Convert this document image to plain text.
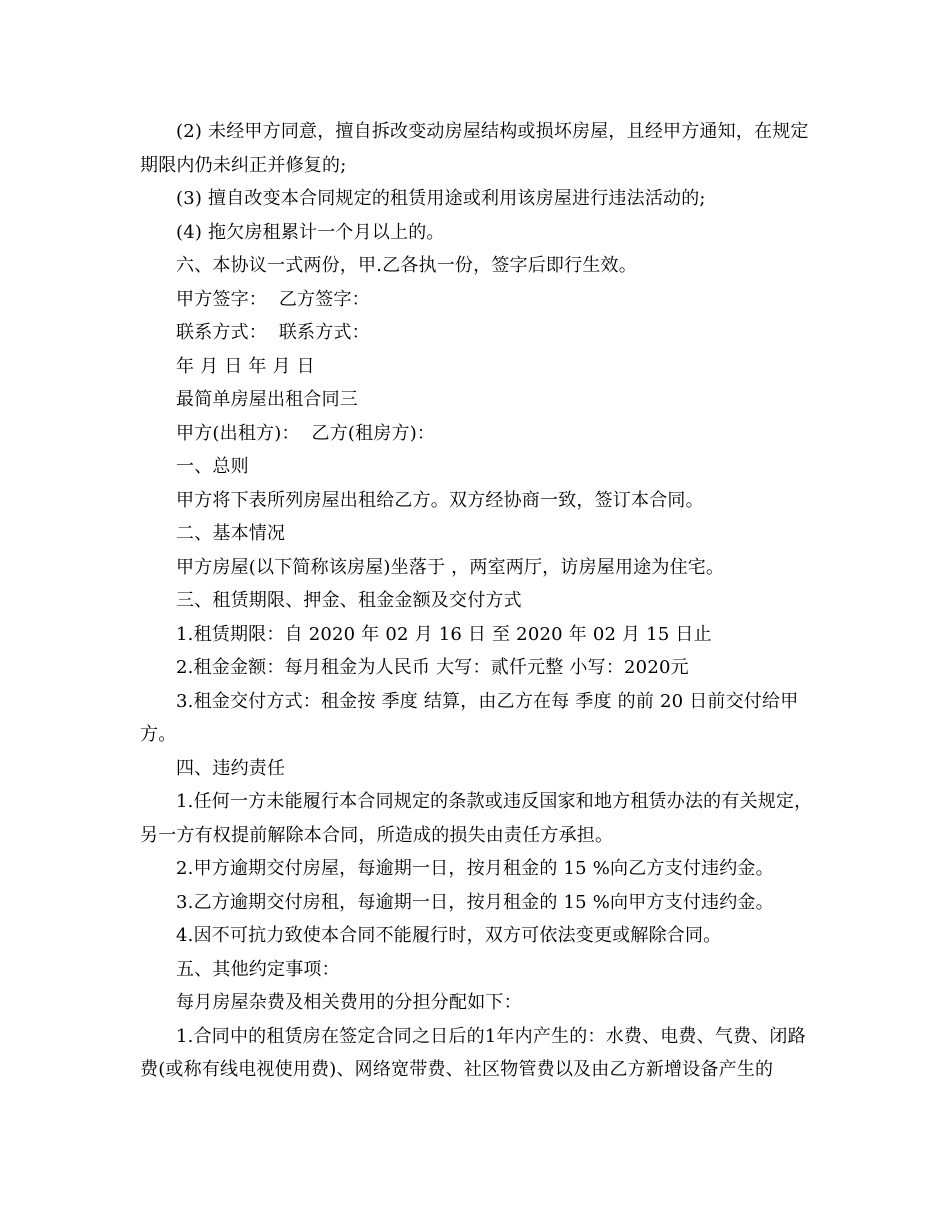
(2) 未经甲方同意，擅自拆改变动房屋结构或损坏房屋，且经甲方通知，在规定期限内仍未纠正并修复的;

(3) 擅自改变本合同规定的租赁用途或利用该房屋进行违法活动的;

(4) 拖欠房租累计一个月以上的。

六、本协议一式两份，甲.乙各执一份，签字后即行生效。

甲方签字：  乙方签字：

联系方式：  联系方式：

年 月 日 年 月 日

最简单房屋出租合同三

甲方(出租方)：  乙方(租房方)：

一、总则

甲方将下表所列房屋出租给乙方。双方经协商一致，签订本合同。

二、基本情况

甲方房屋(以下简称该房屋)坐落于 ，两室两厅，访房屋用途为住宅。

三、租赁期限、押金、租金金额及交付方式

1.租赁期限：自 2020 年 02 月 16 日 至 2020 年 02 月 15 日止

2.租金金额：每月租金为人民币 大写：贰仟元整 小写：2020元

3.租金交付方式：租金按 季度 结算，由乙方在每 季度 的前 20 日前交付给甲方。

四、违约责任

1.任何一方未能履行本合同规定的条款或违反国家和地方租赁办法的有关规定，另一方有权提前解除本合同，所造成的损失由责任方承担。

2.甲方逾期交付房屋，每逾期一日，按月租金的 15 %向乙方支付违约金。

3.乙方逾期交付房租，每逾期一日，按月租金的 15 %向甲方支付违约金。

4.因不可抗力致使本合同不能履行时，双方可依法变更或解除合同。

五、其他约定事项：

每月房屋杂费及相关费用的分担分配如下：

1.合同中的租赁房在签定合同之日后的1年内产生的：水费、电费、气费、闭路费(或称有线电视使用费)、网络宽带费、社区物管费以及由乙方新增设备产生的
